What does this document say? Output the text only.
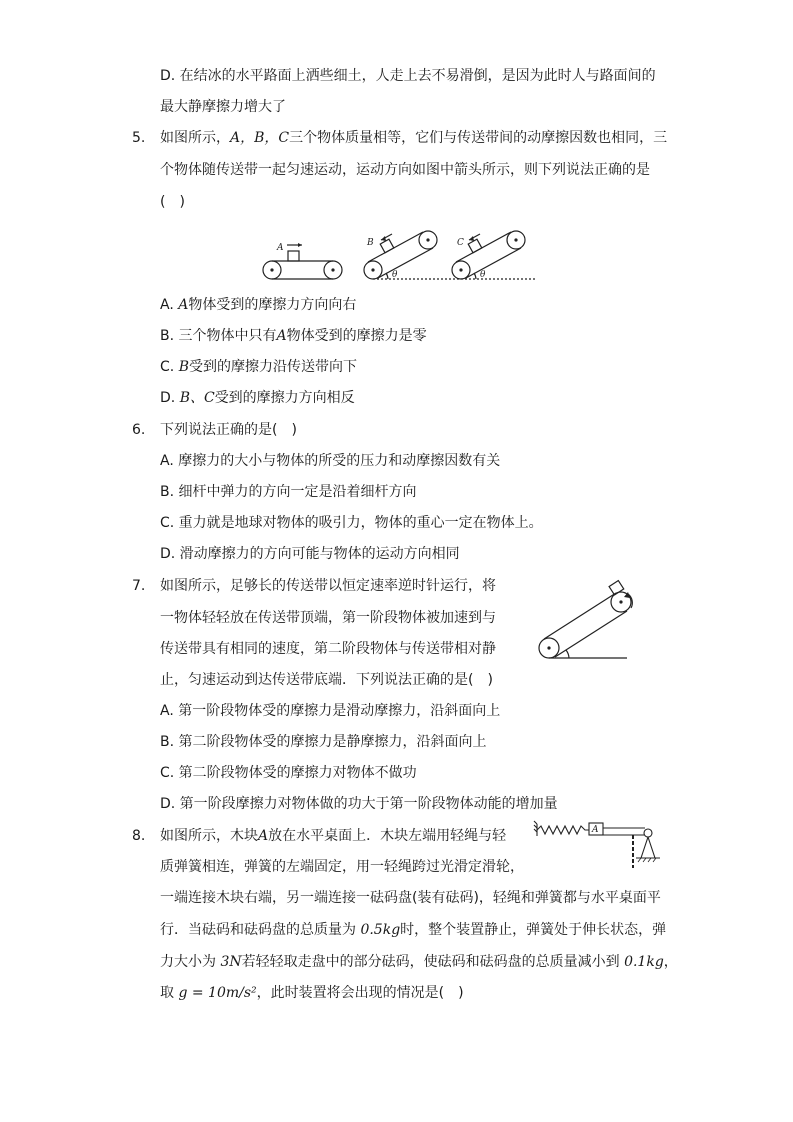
D. 在结冰的水平路面上洒些细土，人走上去不易滑倒，是因为此时人与路面间的
最大静摩擦力增大了
5. 如图所示，A，B，C三个物体质量相等，它们与传送带间的动摩擦因数也相同，三
个物体随传送带一起匀速运动，运动方向如图中箭头所示，则下列说法正确的是
(　)
A	B	C
θ	θ
A. A物体受到的摩擦力方向向右
B. 三个物体中只有A物体受到的摩擦力是零
C. B受到的摩擦力沿传送带向下
D. B、C受到的摩擦力方向相反
6. 下列说法正确的是(　)
A. 摩擦力的大小与物体的所受的压力和动摩擦因数有关
B. 细杆中弹力的方向一定是沿着细杆方向
C. 重力就是地球对物体的吸引力，物体的重心一定在物体上。
D. 滑动摩擦力的方向可能与物体的运动方向相同
7. 如图所示，足够长的传送带以恒定速率逆时针运行，将
一物体轻轻放在传送带顶端，第一阶段物体被加速到与
传送带具有相同的速度，第二阶段物体与传送带相对静
止，匀速运动到达传送带底端．下列说法正确的是(　)
A. 第一阶段物体受的摩擦力是滑动摩擦力，沿斜面向上
B. 第二阶段物体受的摩擦力是静摩擦力，沿斜面向上
C. 第二阶段物体受的摩擦力对物体不做功
D. 第一阶段摩擦力对物体做的功大于第一阶段物体动能的增加量
8. 如图所示，木块A放在水平桌面上．木块左端用轻绳与轻
质弹簧相连，弹簧的左端固定，用一轻绳跨过光滑定滑轮，
一端连接木块右端，另一端连接一砝码盘(装有砝码)，轻绳和弹簧都与水平桌面平
行．当砝码和砝码盘的总质量为 0.5kg时，整个装置静止，弹簧处于伸长状态，弹
力大小为 3N若轻轻取走盘中的部分砝码，使砝码和砝码盘的总质量减小到 0.1kg，
取 g = 10m/s²，此时装置将会出现的情况是(　)
A
